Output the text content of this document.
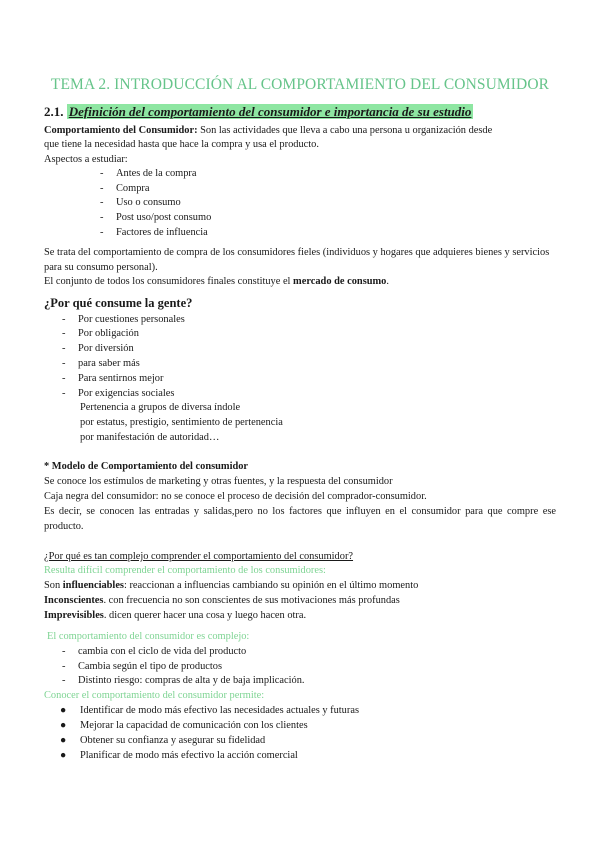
TEMA 2. INTRODUCCIÓN AL COMPORTAMIENTO DEL CONSUMIDOR
2.1. Definición del comportamiento del consumidor e importancia de su estudio
Comportamiento del Consumidor: Son las actividades que lleva a cabo una persona u organización desde
que tiene la necesidad hasta que hace la compra y usa el producto.
Aspectos a estudiar:
- Antes de la compra
- Compra
- Uso o consumo
- Post uso/post consumo
- Factores de influencia
Se trata del comportamiento de compra de los consumidores fieles (individuos y hogares que adquieres bienes y servicios para su consumo personal).
El conjunto de todos los consumidores finales constituye el mercado de consumo.
¿Por qué consume la gente?
- Por cuestiones personales
- Por obligación
- Por diversión
- para saber más
- Para sentirnos mejor
- Por exigencias sociales
Pertenencia a grupos de diversa índole
por estatus, prestigio, sentimiento de pertenencia
por manifestación de autoridad…
* Modelo de Comportamiento del consumidor
Se conoce los estímulos de marketing y otras fuentes, y la respuesta del consumidor
Caja negra del consumidor: no se conoce el proceso de decisión del comprador-consumidor.
Es decir, se conocen las entradas y salidas,pero no los factores que influyen en el consumidor para que compre ese producto.
¿Por qué es tan complejo comprender el comportamiento del consumidor?
Resulta difícil comprender el comportamiento de los consumidores:
Son influenciables: reaccionan a influencias cambiando su opinión en el último momento
Inconscientes. con frecuencia no son conscientes de sus motivaciones más profundas
Imprevisibles. dicen querer hacer una cosa y luego hacen otra.
El comportamiento del consumidor es complejo:
- cambia con el ciclo de vida del producto
- Cambia según el tipo de productos
- Distinto riesgo: compras de alta y de baja implicación.
Conocer el comportamiento del consumidor permite:
● Identificar de modo más efectivo las necesidades actuales y futuras
● Mejorar la capacidad de comunicación con los clientes
● Obtener su confianza y asegurar su fidelidad
● Planificar de modo más efectivo la acción comercial
